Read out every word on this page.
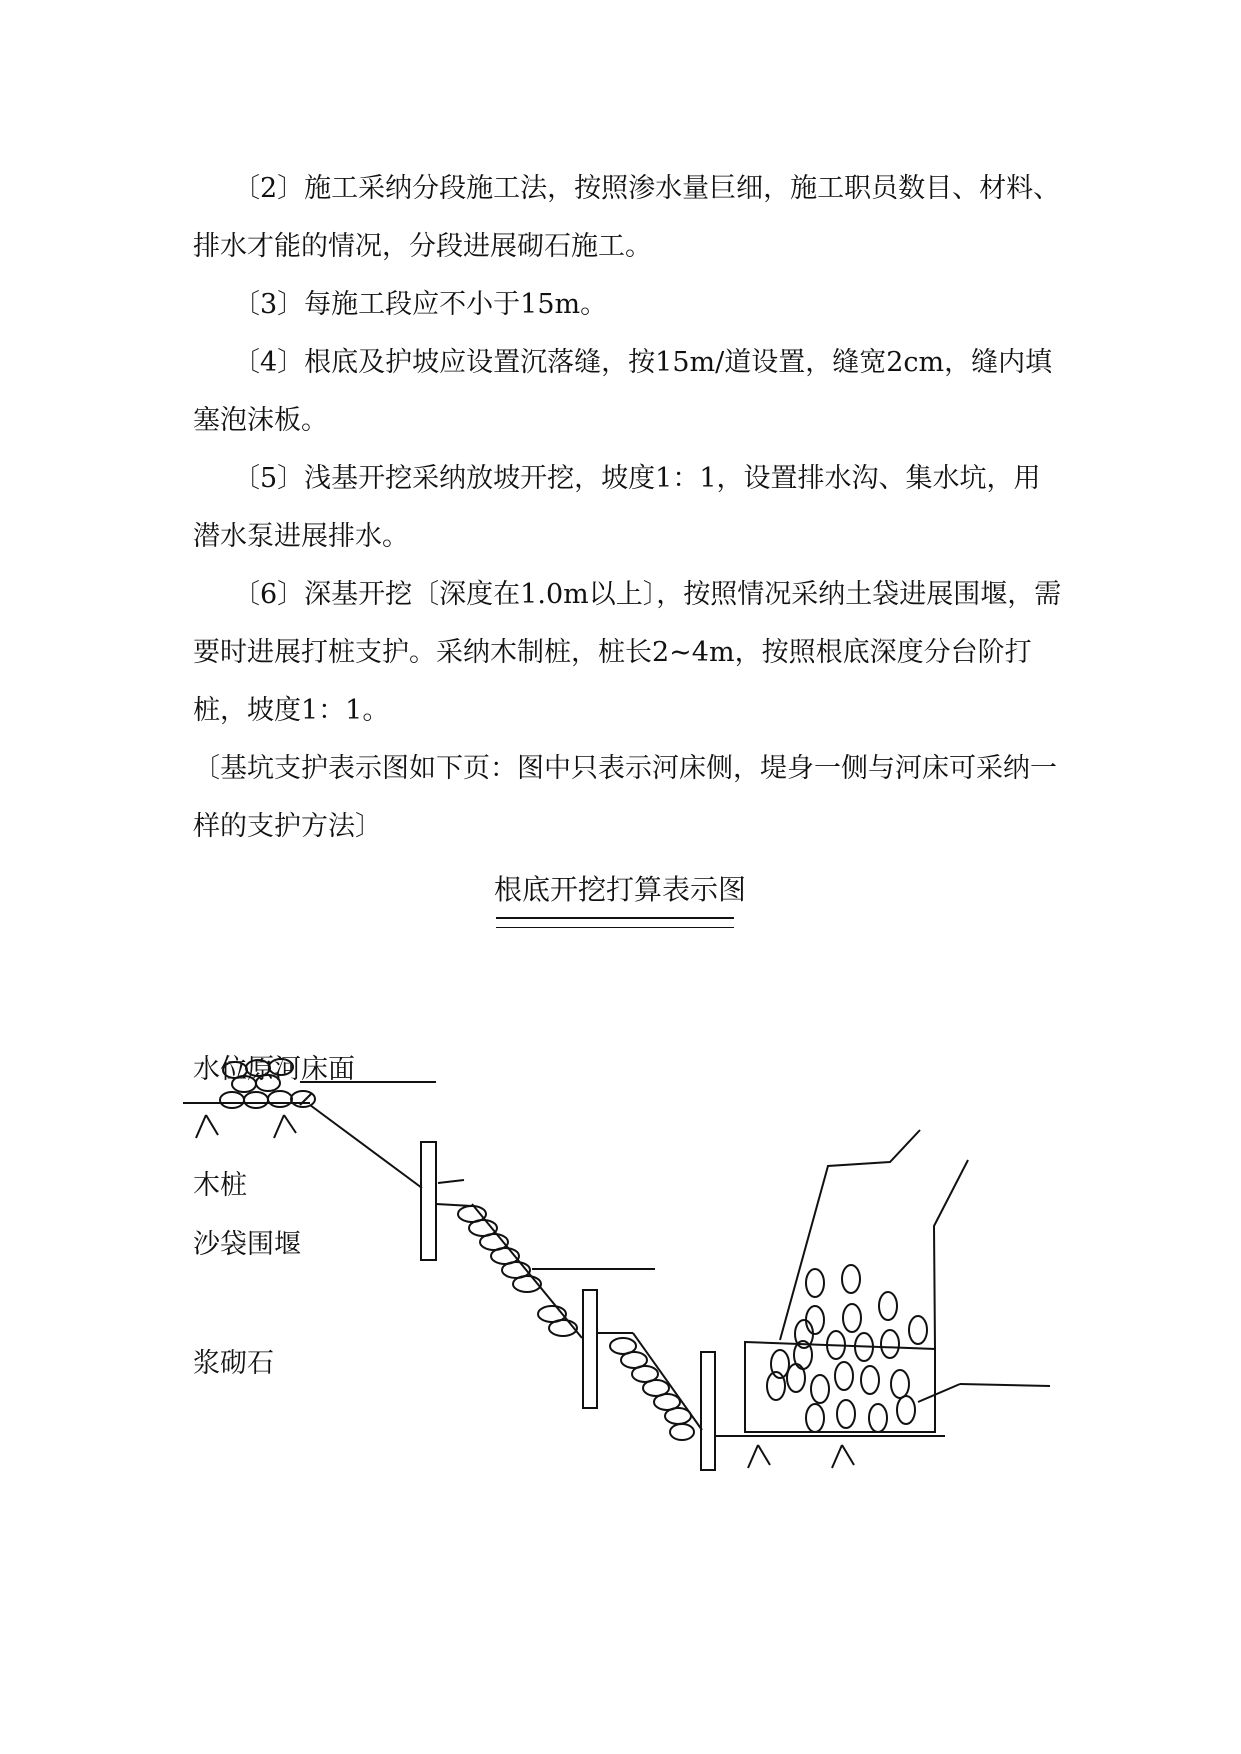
〔2〕施工采纳分段施工法，按照渗水量巨细，施工职员数目、材料、排水才能的情况，分段进展砌石施工。

〔3〕每施工段应不小于15m。

〔4〕根底及护坡应设置沉落缝，按15m/道设置，缝宽2cm，缝内填塞泡沫板。

〔5〕浅基开挖采纳放坡开挖，坡度1：1，设置排水沟、集水坑，用潜水泵进展排水。

〔6〕深基开挖〔深度在1.0m以上〕，按照情况采纳土袋进展围堰，需要时进展打桩支护。采纳木制桩，桩长2~4m，按照根底深度分台阶打桩，坡度1：1。

〔基坑支护表示图如下页：图中只表示河床侧，堤身一侧与河床可采纳一样的支护方法〕

根底开挖打算表示图
水位 原河床面
木桩
沙袋围堰
浆砌石
